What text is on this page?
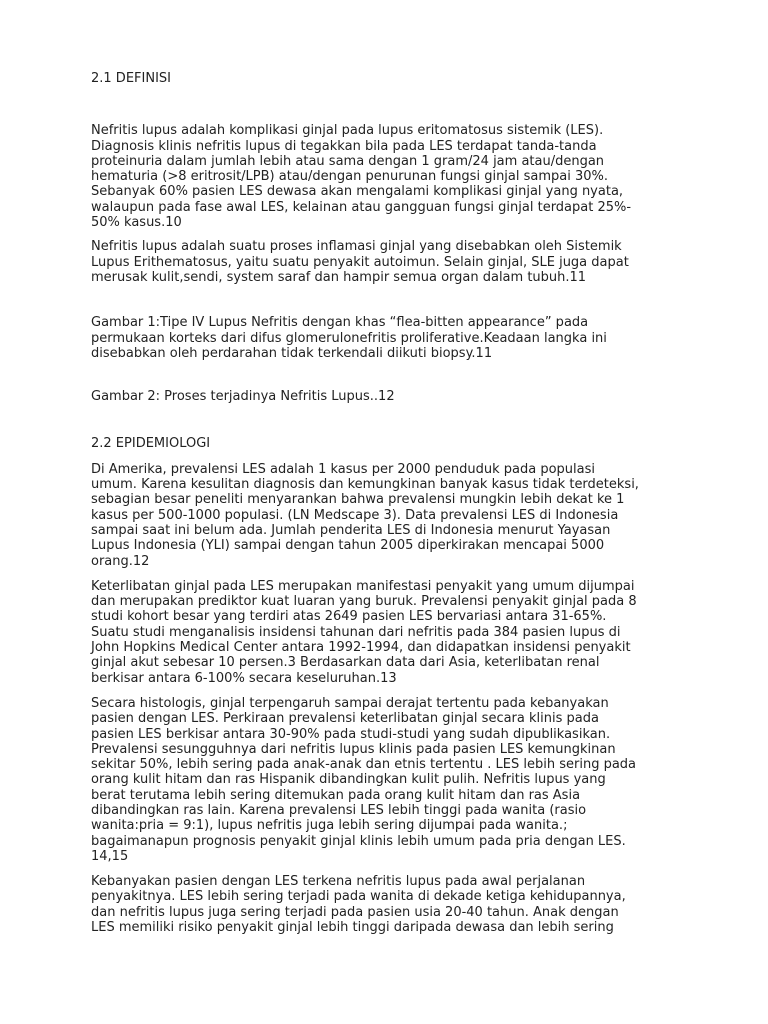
2.1 DEFINISI
Nefritis lupus adalah komplikasi ginjal pada lupus eritomatosus sistemik (LES).
Diagnosis klinis nefritis lupus di tegakkan bila pada LES terdapat tanda-tanda
proteinuria dalam jumlah lebih atau sama dengan 1 gram/24 jam atau/dengan
hematuria (>8 eritrosit/LPB) atau/dengan penurunan fungsi ginjal sampai 30%.
Sebanyak 60% pasien LES dewasa akan mengalami komplikasi ginjal yang nyata,
walaupun pada fase awal LES, kelainan atau gangguan fungsi ginjal terdapat 25%-
50% kasus.10
Nefritis lupus adalah suatu proses inflamasi ginjal yang disebabkan oleh Sistemik
Lupus Erithematosus, yaitu suatu penyakit autoimun. Selain ginjal, SLE juga dapat
merusak kulit,sendi, system saraf dan hampir semua organ dalam tubuh.11
Gambar 1:Tipe IV Lupus Nefritis dengan khas “flea-bitten appearance” pada
permukaan korteks dari difus glomerulonefritis proliferative.Keadaan langka ini
disebabkan oleh perdarahan tidak terkendali diikuti biopsy.11
Gambar 2: Proses terjadinya Nefritis Lupus..12
2.2 EPIDEMIOLOGI
Di Amerika, prevalensi LES adalah 1 kasus per 2000 penduduk pada populasi
umum. Karena kesulitan diagnosis dan kemungkinan banyak kasus tidak terdeteksi,
sebagian besar peneliti menyarankan bahwa prevalensi mungkin lebih dekat ke 1
kasus per 500-1000 populasi. (LN Medscape 3). Data prevalensi LES di Indonesia
sampai saat ini belum ada. Jumlah penderita LES di Indonesia menurut Yayasan
Lupus Indonesia (YLI) sampai dengan tahun 2005 diperkirakan mencapai 5000
orang.12
Keterlibatan ginjal pada LES merupakan manifestasi penyakit yang umum dijumpai
dan merupakan prediktor kuat luaran yang buruk. Prevalensi penyakit ginjal pada 8
studi kohort besar yang terdiri atas 2649 pasien LES bervariasi antara 31-65%.
Suatu studi menganalisis insidensi tahunan dari nefritis pada 384 pasien lupus di
John Hopkins Medical Center antara 1992-1994, dan didapatkan insidensi penyakit
ginjal akut sebesar 10 persen.3 Berdasarkan data dari Asia, keterlibatan renal
berkisar antara 6-100% secara keseluruhan.13
Secara histologis, ginjal terpengaruh sampai derajat tertentu pada kebanyakan
pasien dengan LES. Perkiraan prevalensi keterlibatan ginjal secara klinis pada
pasien LES berkisar antara 30-90% pada studi-studi yang sudah dipublikasikan.
Prevalensi sesungguhnya dari nefritis lupus klinis pada pasien LES kemungkinan
sekitar 50%, lebih sering pada anak-anak dan etnis tertentu . LES lebih sering pada
orang kulit hitam dan ras Hispanik dibandingkan kulit pulih. Nefritis lupus yang
berat terutama lebih sering ditemukan pada orang kulit hitam dan ras Asia
dibandingkan ras lain. Karena prevalensi LES lebih tinggi pada wanita (rasio
wanita:pria = 9:1), lupus nefritis juga lebih sering dijumpai pada wanita.;
bagaimanapun prognosis penyakit ginjal klinis lebih umum pada pria dengan LES.
14,15
Kebanyakan pasien dengan LES terkena nefritis lupus pada awal perjalanan
penyakitnya. LES lebih sering terjadi pada wanita di dekade ketiga kehidupannya,
dan nefritis lupus juga sering terjadi pada pasien usia 20-40 tahun. Anak dengan
LES memiliki risiko penyakit ginjal lebih tinggi daripada dewasa dan lebih sering
